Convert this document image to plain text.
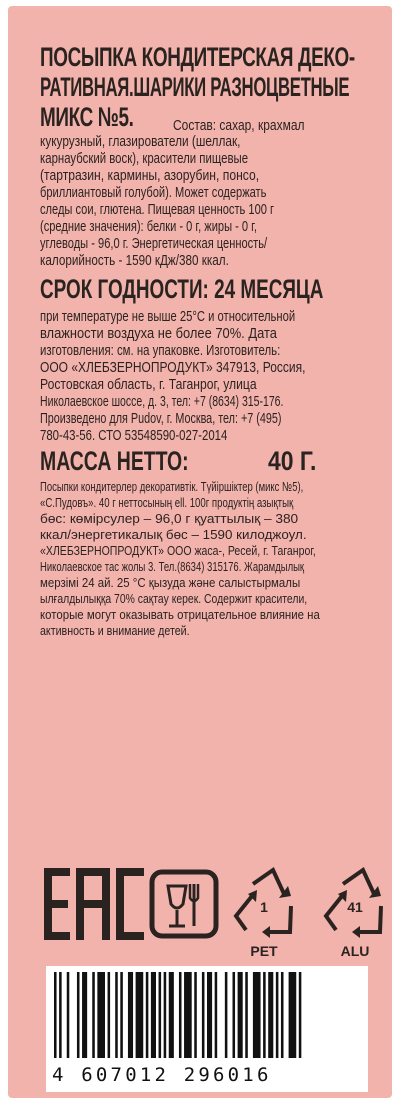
ПОСЫПКА КОНДИТЕРСКАЯ ДЕКО-
РАТИВНАЯ.ШАРИКИ РАЗНОЦВЕТНЫЕ
МИКС №5.	Состав: сахар, крахмал
кукурузный, глазирователи (шеллак,
карнаубский воск), красители пищевые
(тартразин, кармины, азорубин, понсо,
бриллиантовый голубой). Может содержать
следы сои, глютена. Пищевая ценность 100 г
(средние значения): белки - 0 г, жиры - 0 г,
углеводы - 96,0 г. Энергетическая ценность/
калорийность - 1590 кДж/380 ккал.
СРОК ГОДНОСТИ: 24 МЕСЯЦА
при температуре не выше 25°С и относительной
влажности воздуха не более 70%. Дата
изготовления: см. на упаковке. Изготовитель:
ООО «ХЛЕБЗЕРНОПРОДУКТ» 347913, Россия,
Ростовская область, г. Таганрог, улица
Николаевское шоссе, д. 3, тел: +7 (8634) 315-176.
Произведено для Pudov, г. Москва, тел: +7 (495)
780-43-56. СТО 53548590-027-2014
МАССА НЕТТО:	40 Г.
Посыпки кондитерлер декоративтік. Түйіршіктер (микс №5),
«С.Пудовъ». 40 г неттосының ell. 100г продуктің азықтық
бөс: көмірсулер – 96,0 г қуаттылық – 380
ккал/энергетикалық бөс – 1590 килоджоул.
«ХЛЕБЗЕРНОПРОДУКТ» ООО жаса-, Ресей, г. Таганрог,
Николаевское тас жолы 3. Тел.(8634) 315176. Жарамдылық
мерзімі 24 ай. 25 °С қызуда және салыстырмалы
ылғалдылыққа 70% сақтау керек. Содержит красители,
которые могут оказывать отрицательное влияние на
активность и внимание детей.
1
PET
41
ALU
4 607012 296016
